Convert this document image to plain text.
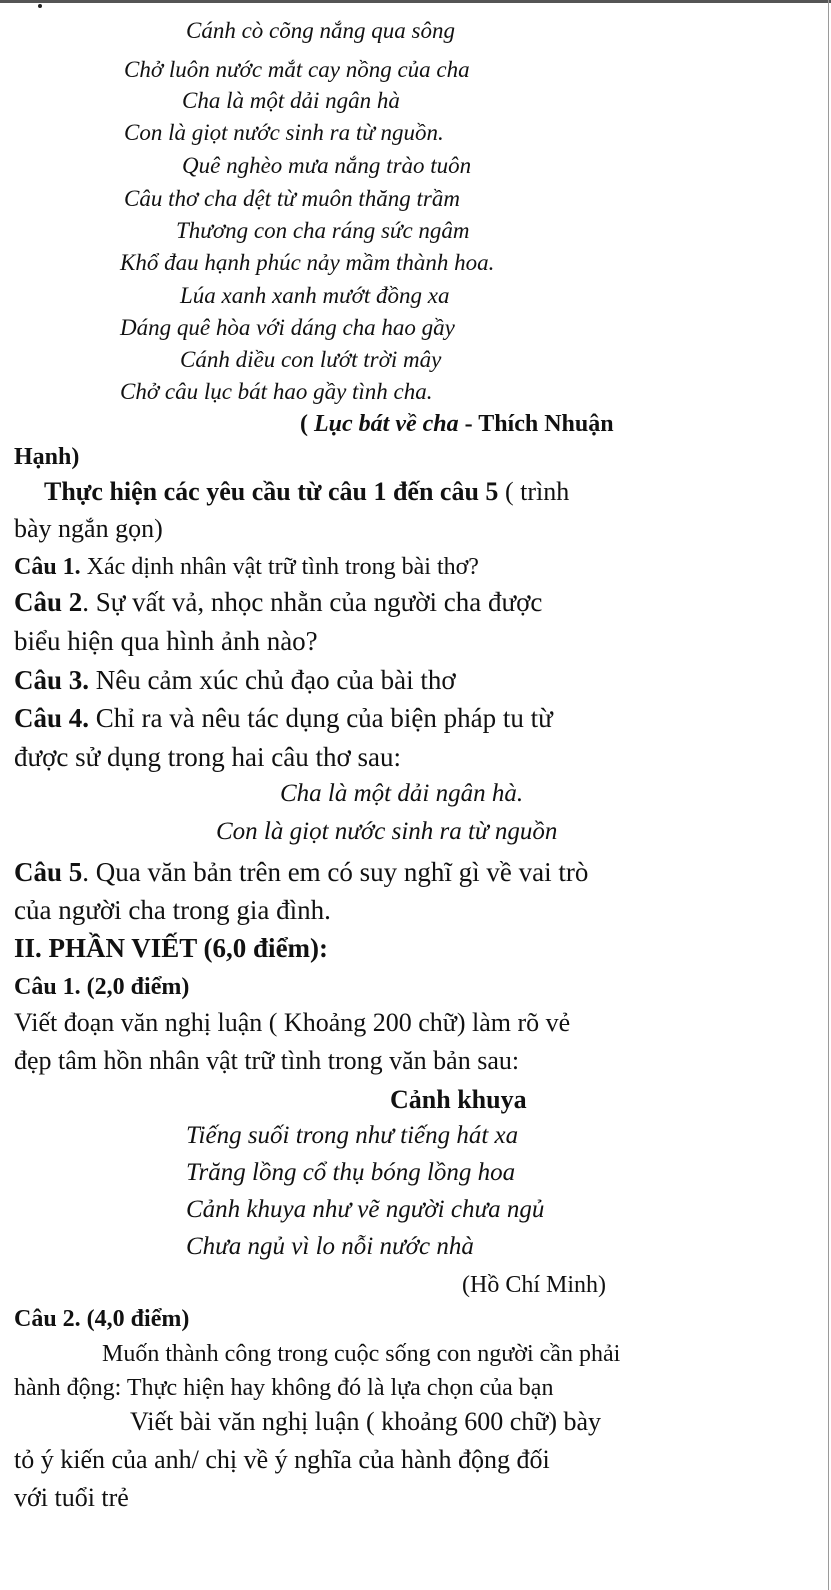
Cánh cò cõng nắng qua sông
Chở luôn nước mắt cay nồng của cha
Cha là một dải ngân hà
Con là giọt nước sinh ra từ nguồn.
Quê nghèo mưa nắng trào tuôn
Câu thơ cha dệt từ muôn thăng trầm
Thương con cha ráng sức ngâm
Khổ đau hạnh phúc nảy mầm thành hoa.
Lúa xanh xanh mướt đồng xa
Dáng quê hòa với dáng cha hao gầy
Cánh diều con lướt trời mây
Chở câu lục bát hao gầy tình cha.
( Lục bát về cha - Thích Nhuận
Hạnh)
Thực hiện các yêu cầu từ câu 1 đến câu 5 ( trình
bày ngắn gọn)
Câu 1. Xác dịnh nhân vật trữ tình trong bài thơ?
Câu 2. Sự vất vả, nhọc nhằn của người cha được
biểu hiện qua hình ảnh nào?
Câu 3. Nêu cảm xúc chủ đạo của bài thơ
Câu 4. Chỉ ra và nêu tác dụng của biện pháp tu từ
được sử dụng trong hai câu thơ sau:
Cha là một dải ngân hà.
Con là giọt nước sinh ra từ nguồn
Câu 5. Qua văn bản trên em có suy nghĩ gì về vai trò
của người cha trong gia đình.
II. PHẦN VIẾT (6,0 điểm):
Câu 1. (2,0 điểm)
Viết đoạn văn nghị luận ( Khoảng 200 chữ) làm rõ vẻ
đẹp tâm hồn nhân vật trữ tình trong văn bản sau:
Cảnh khuya
Tiếng suối trong như tiếng hát xa
Trăng lồng cổ thụ bóng lồng hoa
Cảnh khuya như vẽ người chưa ngủ
Chưa ngủ vì lo nỗi nước nhà
(Hồ Chí Minh)
Câu 2. (4,0 điểm)
Muốn thành công trong cuộc sống con người cần phải
hành động: Thực hiện hay không đó là lựa chọn của bạn
Viết bài văn nghị luận ( khoảng 600 chữ) bày
tỏ ý kiến của anh/ chị về ý nghĩa của hành động đối
với tuổi trẻ
